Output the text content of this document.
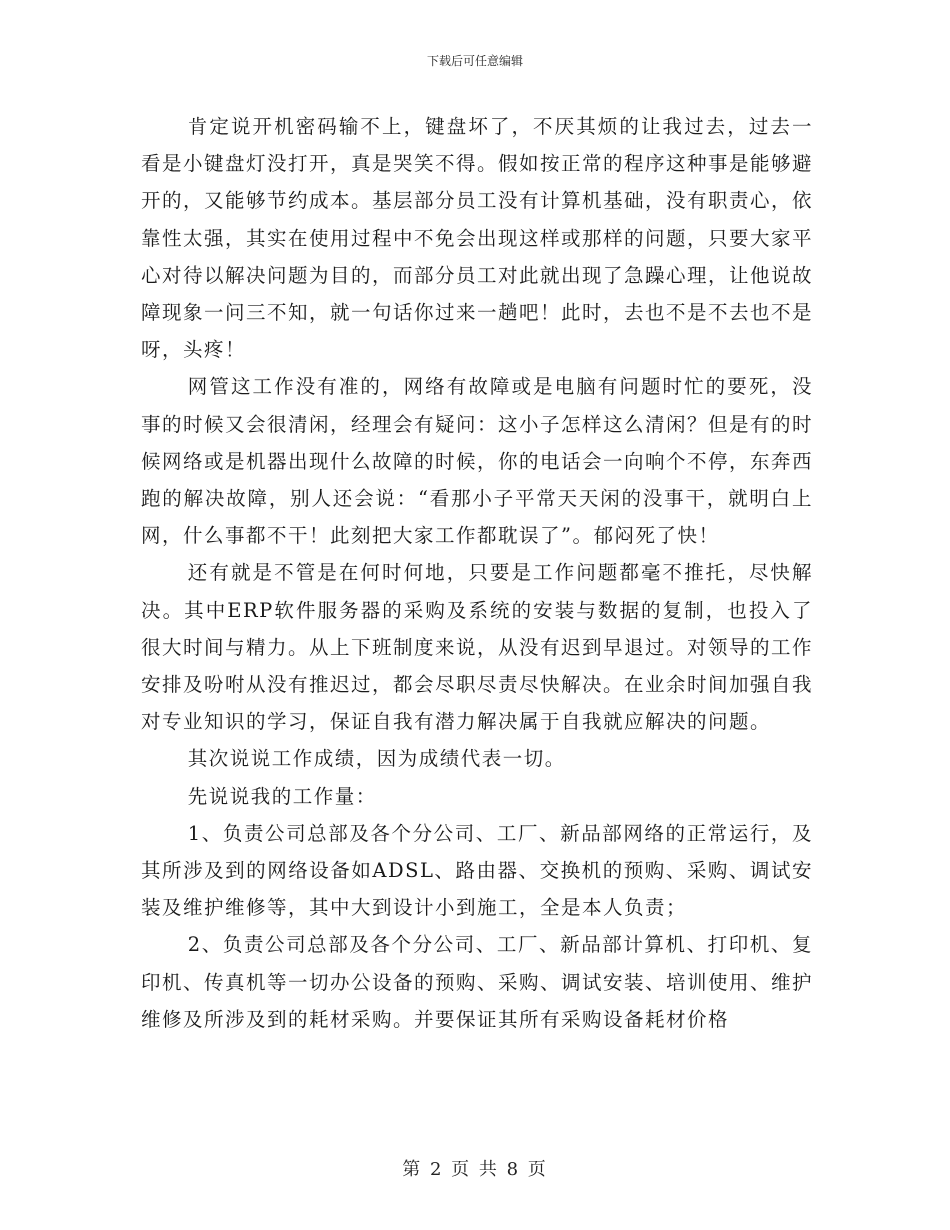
下载后可任意编辑

肯定说开机密码输不上，键盘坏了，不厌其烦的让我过去，过去一看是小键盘灯没打开，真是哭笑不得。假如按正常的程序这种事是能够避开的，又能够节约成本。基层部分员工没有计算机基础，没有职责心，依靠性太强，其实在使用过程中不免会出现这样或那样的问题，只要大家平心对待以解决问题为目的，而部分员工对此就出现了急躁心理，让他说故障现象一问三不知，就一句话你过来一趟吧！此时，去也不是不去也不是呀，头疼！

网管这工作没有准的，网络有故障或是电脑有问题时忙的要死，没事的时候又会很清闲，经理会有疑问：这小子怎样这么清闲？但是有的时候网络或是机器出现什么故障的时候，你的电话会一向响个不停，东奔西跑的解决故障，别人还会说：“看那小子平常天天闲的没事干，就明白上网，什么事都不干！此刻把大家工作都耽误了”。郁闷死了快！

还有就是不管是在何时何地，只要是工作问题都毫不推托，尽快解决。其中ERP软件服务器的采购及系统的安装与数据的复制，也投入了很大时间与精力。从上下班制度来说，从没有迟到早退过。对领导的工作安排及吩咐从没有推迟过，都会尽职尽责尽快解决。在业余时间加强自我对专业知识的学习，保证自我有潜力解决属于自我就应解决的问题。

其次说说工作成绩，因为成绩代表一切。

先说说我的工作量：

1、负责公司总部及各个分公司、工厂、新品部网络的正常运行，及其所涉及到的网络设备如ADSL、路由器、交换机的预购、采购、调试安装及维护维修等，其中大到设计小到施工，全是本人负责；

2、负责公司总部及各个分公司、工厂、新品部计算机、打印机、复印机、传真机等一切办公设备的预购、采购、调试安装、培训使用、维护维修及所涉及到的耗材采购。并要保证其所有采购设备耗材价格

第 2 页 共 8 页
